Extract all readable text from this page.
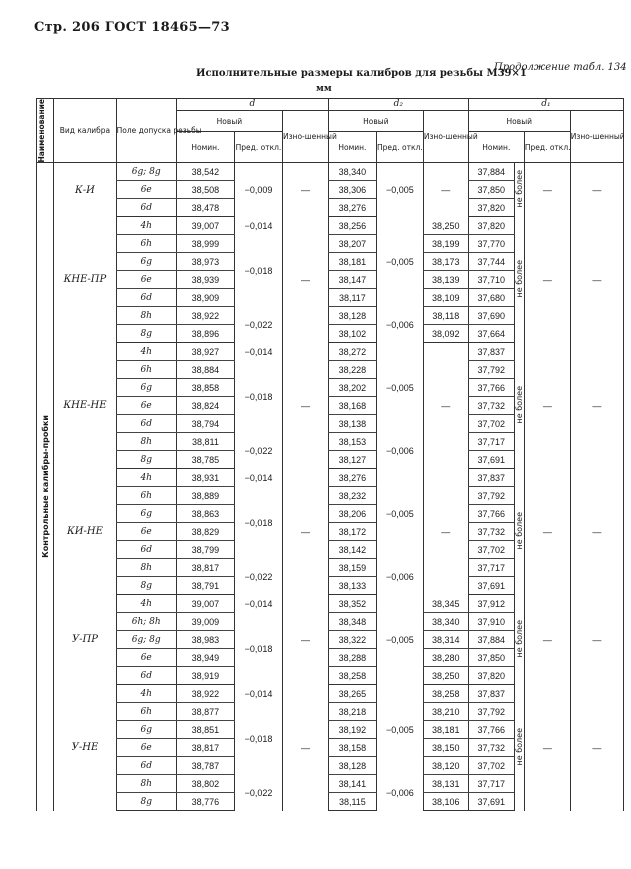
Стр. 206 ГОСТ 18465—73
Продолжение табл. 134
Исполнительные размеры калибров для резьбы М39×1
мм
Наименование	Вид калибра	Поле допуска резьбы	d			d₂			d₁			
			Новый		Изно-шенный	Новый		Изно-шенный	Новый			Изно-шенный
			Номин.	Пред. откл.		Номин.	Пред. откл.		Номин.		Пред. откл.	
Контрольные калибры-пробки	К-И	6g; 8g	38,542	−0,009	—	38,340	−0,005	—	37,884	не более	—	—
		6e	38,508			38,306			37,850			
		6d	38,478			38,276			37,820			
	КНЕ-ПР	4h	39,007	−0,014	—	38,256	−0,005	38,250	37,820	не более	—	—
		6h	38,999	−0,018		38,207		38,199	37,770			
		6g	38,973			38,181		38,173	37,744			
		6e	38,939			38,147		38,139	37,710			
		6d	38,909			38,117		38,109	37,680			
		8h	38,922	−0,022		38,128	−0,006	38,118	37,690			
		8g	38,896			38,102		38,092	37,664			
	КНЕ-НЕ	4h	38,927	−0,014	—	38,272	−0,005	—	37,837	не более	—	—
		6h	38,884	−0,018		38,228			37,792			
		6g	38,858			38,202			37,766			
		6e	38,824			38,168			37,732			
		6d	38,794			38,138			37,702			
		8h	38,811	−0,022		38,153	−0,006		37,717			
		8g	38,785			38,127			37,691			
	КИ-НЕ	4h	38,931	−0,014	—	38,276	−0,005	—	37,837	не более	—	—
		6h	38,889	−0,018		38,232			37,792			
		6g	38,863			38,206			37,766			
		6e	38,829			38,172			37,732			
		6d	38,799			38,142			37,702			
		8h	38,817	−0,022		38,159	−0,006		37,717			
		8g	38,791			38,133			37,691			
	У-ПР	4h	39,007	−0,014	—	38,352	−0,005	38,345	37,912	не более	—	—
		6h; 8h	39,009	−0,018		38,348		38,340	37,910			
		6g; 8g	38,983			38,322		38,314	37,884			
		6e	38,949			38,288		38,280	37,850			
		6d	38,919			38,258		38,250	37,820			
	У-НЕ	4h	38,922	−0,014	—	38,265	−0,005	38,258	37,837	не более	—	—
		6h	38,877	−0,018		38,218		38,210	37,792			
		6g	38,851			38,192		38,181	37,766			
		6e	38,817			38,158		38,150	37,732			
		6d	38,787			38,128		38,120	37,702			
		8h	38,802	−0,022		38,141	−0,006	38,131	37,717			
		8g	38,776			38,115		38,106	37,691			
